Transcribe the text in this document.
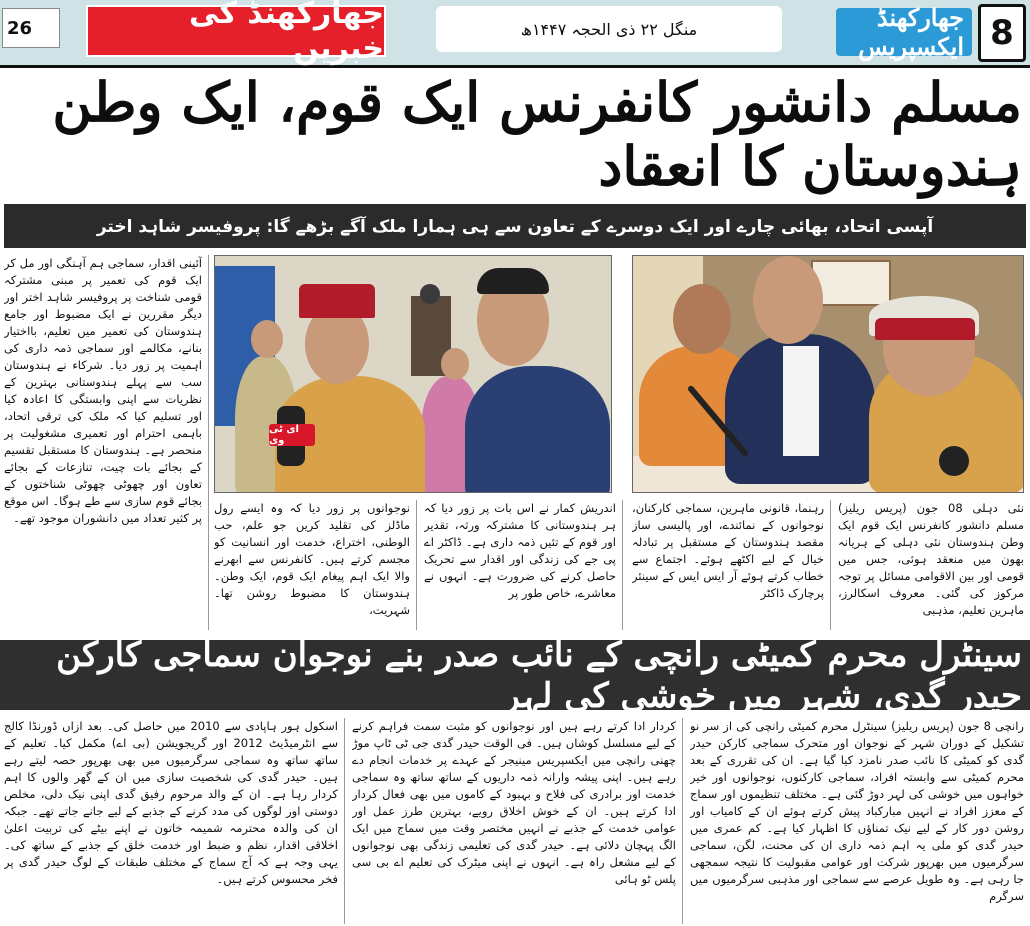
26	جھارکھنڈ کی خبریں
منگل ۲۲ ذی الحجہ ۱۴۴۷ھ	جھارکھنڈ ایکسپریس 8
مسلم دانشور کانفرنس ایک قوم، ایک وطن ہندوستان کا انعقاد
آپسی اتحاد، بھائی چارے اور ایک دوسرے کے تعاون سے ہی ہمارا ملک آگے بڑھے گا: پروفیسر شاہد اختر
ای ٹی وی
نئی دہلی 08 جون (پریس ریلیز) مسلم دانشور کانفرنس ایک قوم ایک وطن ہندوستان نئی دہلی کے ہریانہ بھون میں منعقد ہوئی، جس میں قومی اور بین الاقوامی مسائل پر توجہ مرکوز کی گئی۔ معروف اسکالرز، ماہرین تعلیم، مذہبی
رہنما، قانونی ماہرین، سماجی کارکنان، نوجوانوں کے نمائندے، اور پالیسی ساز مقصد ہندوستان کے مستقبل پر تبادلہ خیال کے لیے اکٹھے ہوئے۔ اجتماع سے خطاب کرتے ہوئے آر ایس ایس کے سینئر پرچارک ڈاکٹر
اندریش کمار نے اس بات پر زور دیا کہ ہر ہندوستانی کا مشترکہ ورثہ، تقدیر اور قوم کے تئیں ذمہ داری ہے۔ ڈاکٹر اے پی جے کی زندگی اور اقدار سے تحریک حاصل کرنے کی ضرورت ہے۔ انہوں نے معاشرے، خاص طور پر
نوجوانوں پر زور دیا کہ وہ ایسے رول ماڈلز کی تقلید کریں جو علم، حب الوطنی، اختراع، خدمت اور انسانیت کو مجسم کرتے ہیں۔ کانفرنس سے ابھرنے والا ایک اہم پیغام ایک قوم، ایک وطن۔ ہندوستان کا مضبوط روشن تھا۔ شہریت،
آئینی اقدار، سماجی ہم آہنگی اور مل کر ایک قوم کی تعمیر پر مبنی مشترکہ قومی شناخت پر پروفیسر شاہد اختر اور دیگر مقررین نے ایک مضبوط اور جامع ہندوستان کی تعمیر میں تعلیم، بااختیار بنانے، مکالمے اور سماجی ذمہ داری کی اہمیت پر زور دیا۔ شرکاء نے ہندوستان سب سے پہلے ہندوستانی بہترین کے نظریات سے اپنی وابستگی کا اعادہ کیا اور تسلیم کیا کہ ملک کی ترقی اتحاد، باہمی احترام اور تعمیری مشغولیت پر منحصر ہے۔ ہندوستان کا مستقبل تقسیم کے بجائے بات چیت، تنازعات کے بجائے تعاون اور چھوٹی چھوٹی شناختوں کے بجائے قوم سازی سے طے ہوگا۔ اس موقع پر کثیر تعداد میں دانشوران موجود تھے۔
سینٹرل محرم کمیٹی رانچی کے نائب صدر بنے نوجوان سماجی کارکن حیدر گدی، شہر میں خوشی کی لہر
رانچی 8 جون (پریس ریلیز) سینٹرل محرم کمیٹی رانچی کی از سر نو تشکیل کے دوران شہر کے نوجوان اور متحرک سماجی کارکن حیدر گدی کو کمیٹی کا نائب صدر نامزد کیا گیا ہے۔ ان کی تقرری کے بعد محرم کمیٹی سے وابستہ افراد، سماجی کارکنوں، نوجوانوں اور خیر خواہوں میں خوشی کی لہر دوڑ گئی ہے۔ مختلف تنظیموں اور سماج کے معزز افراد نے انہیں مبارکباد پیش کرتے ہوئے ان کے کامیاب اور روشن دور کار کے لیے نیک تمناؤں کا اظہار کیا ہے۔ کم عمری میں حیدر گدی کو ملی یہ اہم ذمہ داری ان کی محنت، لگن، سماجی سرگرمیوں میں بھرپور شرکت اور عوامی مقبولیت کا نتیجہ سمجھی جا رہی ہے۔ وہ طویل عرصے سے سماجی اور مذہبی سرگرمیوں میں سرگرم
کردار ادا کرتے رہے ہیں اور نوجوانوں کو مثبت سمت فراہم کرنے کے لیے مسلسل کوشاں ہیں۔ فی الوقت حیدر گدی جی ٹی ٹاپ موڑ چھنی رانچی میں ایکسپریس مینیجر کے عہدے پر خدمات انجام دے رہے ہیں۔ اپنی پیشہ وارانہ ذمہ داریوں کے ساتھ ساتھ وہ سماجی خدمت اور برادری کی فلاح و بہبود کے کاموں میں بھی فعال کردار ادا کرتے ہیں۔ ان کے خوش اخلاق رویے، بہترین طرز عمل اور عوامی خدمت کے جذبے نے انہیں مختصر وقت میں سماج میں ایک الگ پہچان دلائی ہے۔ حیدر گدی کی تعلیمی زندگی بھی نوجوانوں کے لیے مشعل راہ ہے۔ انہوں نے اپنی میٹرک کی تعلیم اے بی سی پلس ٹو ہائی
اسکول ہور ہاپادی سے 2010 میں حاصل کی۔ بعد ازاں ڈورنڈا کالج سے انٹرمیڈیٹ 2012 اور گریجویشن (بی اے) مکمل کیا۔ تعلیم کے ساتھ ساتھ وہ سماجی سرگرمیوں میں بھی بھرپور حصہ لیتے رہے ہیں۔ حیدر گدی کی شخصیت سازی میں ان کے گھر والوں کا اہم کردار رہا ہے۔ ان کے والد مرحوم رفیق گدی اپنی نیک دلی، مخلص دوستی اور لوگوں کی مدد کرنے کے جذبے کے لیے جانے جاتے تھے۔ جبکہ ان کی والدہ محترمہ شمیمہ خاتون نے اپنے بیٹے کی تربیت اعلیٰ اخلاقی اقدار، نظم و ضبط اور خدمت خلق کے جذبے کے ساتھ کی۔ یہی وجہ ہے کہ آج سماج کے مختلف طبقات کے لوگ حیدر گدی پر فخر محسوس کرتے ہیں۔
